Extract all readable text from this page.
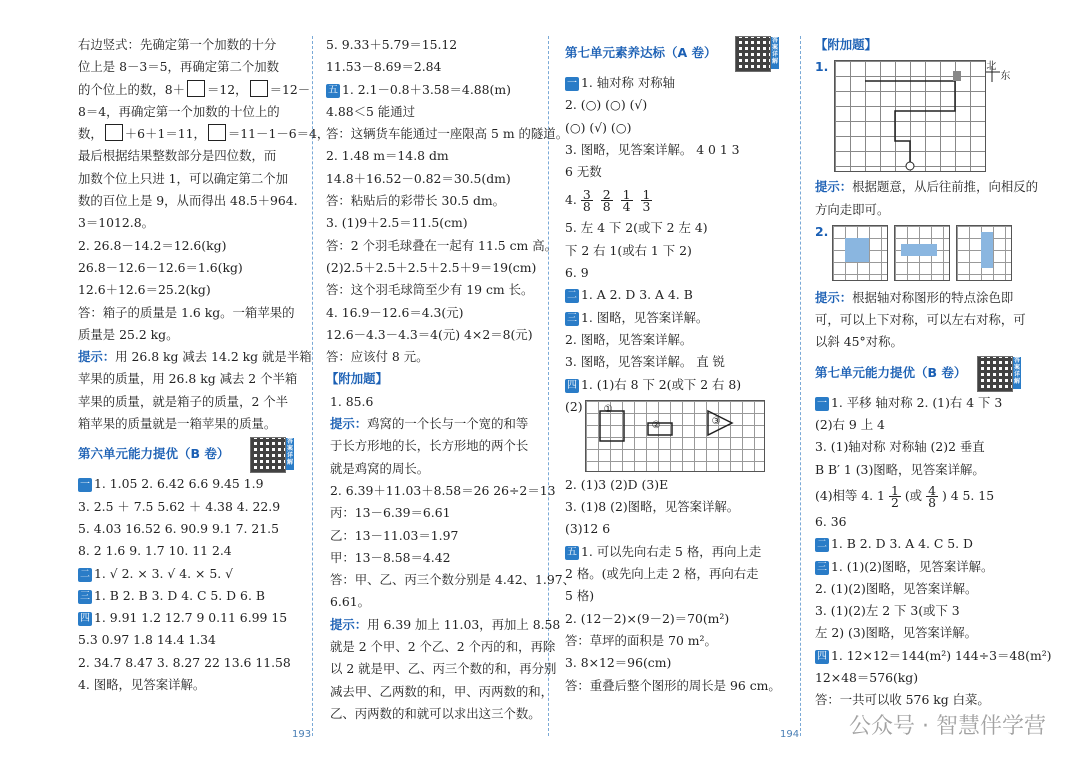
右边竖式：先确定第一个加数的十分
位上是 8－3＝5，再确定第二个加数
的个位上的数，8＋ ＝12， ＝12－
8＝4，再确定第一个加数的十位上的
数， ＋6＋1＝11， ＝11－1－6＝4，
最后根据结果整数部分是四位数，而
加数个位上只进 1，可以确定第二个加
数的百位上是 9，从而得出 48.5＋964.
3＝1012.8。
2. 26.8－14.2＝12.6(kg)
26.8－12.6－12.6＝1.6(kg)
12.6＋12.6＝25.2(kg)
答：箱子的质量是 1.6 kg。一箱苹果的
质量是 25.2 kg。
提示：用 26.8 kg 减去 14.2 kg 就是半箱
苹果的质量，用 26.8 kg 减去 2 个半箱
苹果的质量，就是箱子的质量，2 个半
箱苹果的质量就是一箱苹果的质量。
第六单元能力提优（B 卷）
答案详解
一 1. 1.05 2. 6.42 6.6 9.45 1.9
3. 2.5 ＋ 7.5 5.62 ＋ 4.38 4. 22.9
5. 4.03 16.52 6. 90.9 9.1 7. 21.5
8. 2 1.6 9. 1.7 10. 11 2.4
二 1. √ 2. × 3. √ 4. × 5. √
三 1. B 2. B 3. D 4. C 5. D 6. B
四 1. 9.91 1.2 12.7 9 0.11 6.99 15
5.3 0.97 1.8 14.4 1.34
2. 34.7 8.47 3. 8.27 22 13.6 11.58
4. 图略，见答案详解。
5. 9.33＋5.79＝15.12
11.53－8.69＝2.84
五 1. 2.1－0.8＋3.58＝4.88(m)
4.88＜5 能通过
答：这辆货车能通过一座限高 5 m 的隧道。
2. 1.48 m＝14.8 dm
14.8＋16.52－0.82＝30.5(dm)
答：粘贴后的彩带长 30.5 dm。
3. (1)9＋2.5＝11.5(cm)
答：2 个羽毛球叠在一起有 11.5 cm 高。
(2)2.5＋2.5＋2.5＋2.5＋9＝19(cm)
答：这个羽毛球筒至少有 19 cm 长。
4. 16.9－12.6＝4.3(元)
12.6－4.3－4.3＝4(元) 4×2＝8(元)
答：应该付 8 元。
【附加题】
1. 85.6
提示：鸡窝的一个长与一个宽的和等
于长方形地的长，长方形地的两个长
就是鸡窝的周长。
2. 6.39＋11.03＋8.58＝26 26÷2＝13
丙：13－6.39＝6.61
乙：13－11.03＝1.97
甲：13－8.58＝4.42
答：甲、乙、丙三个数分别是 4.42、1.97、
6.61。
提示：用 6.39 加上 11.03，再加上 8.58
就是 2 个甲、2 个乙、2 个丙的和，再除
以 2 就是甲、乙、丙三个数的和，再分别
减去甲、乙两数的和，甲、丙两数的和，
乙、丙两数的和就可以求出这三个数。
第七单元素养达标（A 卷）
答案详解
一 1. 轴对称 对称轴
2. (○) (○) (√)
(○) (√) (○)
3. 图略，见答案详解。 4 0 1 3
6 无数
4. $\frac{3}{8} \frac{2}{8} \frac{1}{4} \frac{1}{3}$
5. 左 4 下 2(或下 2 左 4)
下 2 右 1(或右 1 下 2)
6. 9
二 1. A 2. D 3. A 4. B
三 1. 图略，见答案详解。
2. 图略，见答案详解。
3. 图略，见答案详解。 直 锐
四 1. (1)右 8 下 2(或下 2 右 8)
(2) ①
②	③
2. (1)3 (2)D (3)E
3. (1)8 (2)图略，见答案详解。
(3)12 6
五 1. 可以先向右走 5 格，再向上走
2 格。(或先向上走 2 格，再向右走
5 格)
2. (12－2)×(9－2)＝70(m²)
答：草坪的面积是 70 m²。
3. 8×12＝96(cm)
答：重叠后整个图形的周长是 96 cm。
【附加题】
1.	北
东
提示：根据题意，从后往前推，向相反的
方向走即可。
2.
提示：根据轴对称图形的特点涂色即
可，可以上下对称，可以左右对称，可
以斜 45°对称。
第七单元能力提优（B 卷）
答案详解
一 1. 平移 轴对称 2. (1)右 4 下 3
(2)右 9 上 4
3. (1)轴对称 对称轴 (2)2 垂直
B B′ 1 (3)图略，见答案详解。
(4)相等 4. $1 \frac{1}{2}$ (或 $\frac{4}{8}$ ) 4 5. 15
6. 36
二 1. B 2. D 3. A 4. C 5. D
三 1. (1)(2)图略，见答案详解。
2. (1)(2)图略，见答案详解。
3. (1)(2)左 2 下 3(或下 3
左 2) (3)图略，见答案详解。
四 1. 12×12＝144(m²) 144÷3＝48(m²)
12×48＝576(kg)
答：一共可以收 576 kg 白菜。
193	194 公众号 · 智慧伴学营
